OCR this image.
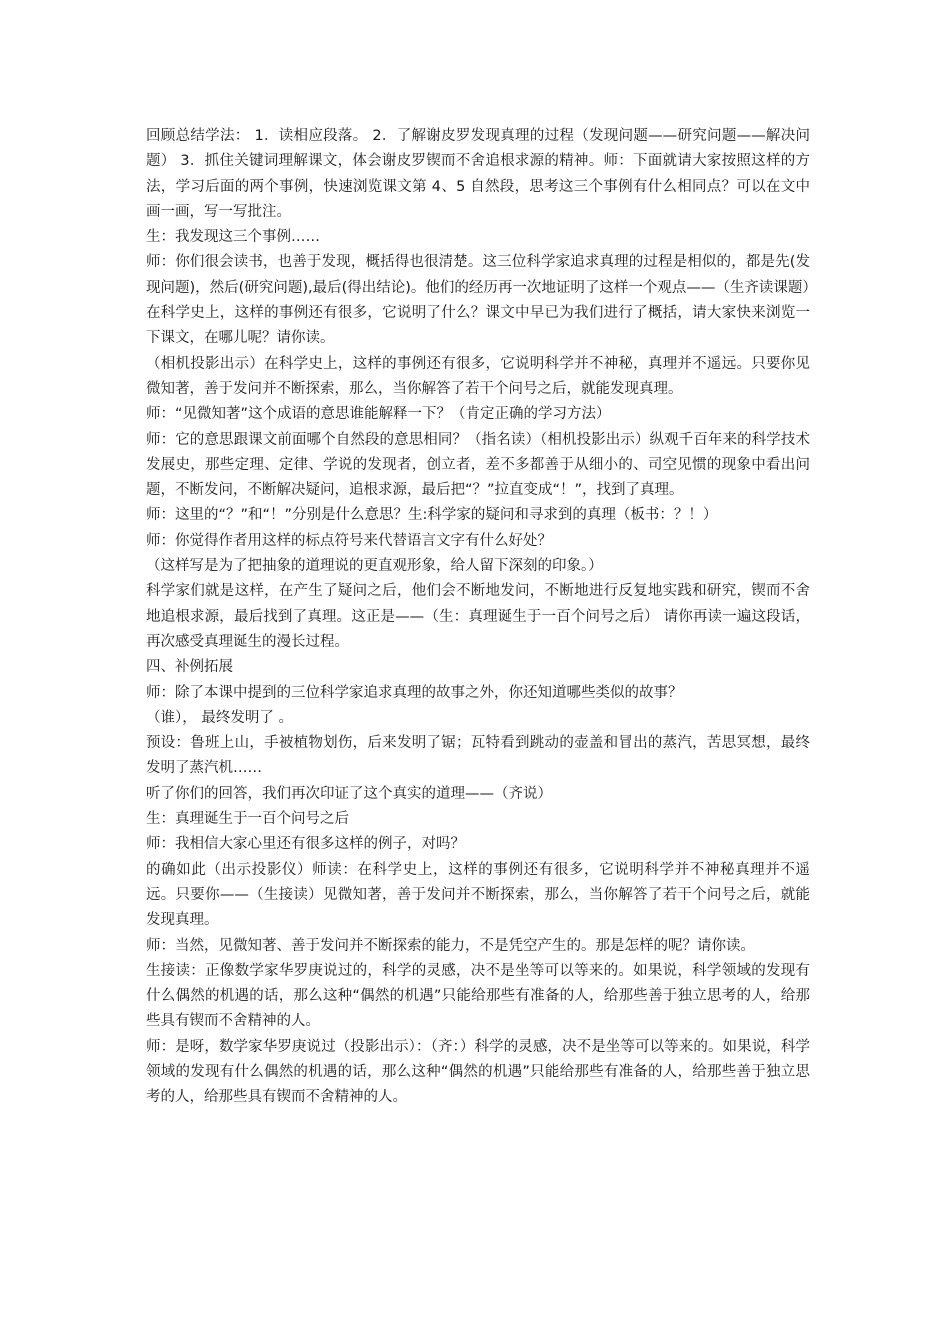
回顾总结学法： 1．读相应段落。 2．了解谢皮罗发现真理的过程（发现问题——研究问题——解决问题） 3．抓住关键词理解课文，体会谢皮罗锲而不舍追根求源的精神。师：下面就请大家按照这样的方法，学习后面的两个事例，快速浏览课文第 4、5 自然段，思考这三个事例有什么相同点？可以在文中画一画，写一写批注。

生：我发现这三个事例……

师：你们很会读书，也善于发现，概括得也很清楚。这三位科学家追求真理的过程是相似的，都是先(发现问题)，然后(研究问题),最后(得出结论)。他们的经历再一次地证明了这样一个观点——（生齐读课题）

在科学史上，这样的事例还有很多，它说明了什么？课文中早已为我们进行了概括，请大家快来浏览一下课文，在哪儿呢？请你读。

（相机投影出示）在科学史上，这样的事例还有很多，它说明科学并不神秘，真理并不遥远。只要你见微知著，善于发问并不断探索，那么，当你解答了若干个问号之后，就能发现真理。

师：“见微知著”这个成语的意思谁能解释一下？（肯定正确的学习方法）

师：它的意思跟课文前面哪个自然段的意思相同？（指名读）（相机投影出示）纵观千百年来的科学技术发展史，那些定理、定律、学说的发现者，创立者，差不多都善于从细小的、司空见惯的现象中看出问题，不断发问，不断解决疑问，追根求源，最后把“？”拉直变成“！”，找到了真理。

师：这里的“？”和“！”分别是什么意思？生:科学家的疑问和寻求到的真理（板书：？！）

师：你觉得作者用这样的标点符号来代替语言文字有什么好处？

（这样写是为了把抽象的道理说的更直观形象，给人留下深刻的印象。）

科学家们就是这样，在产生了疑问之后，他们会不断地发问，不断地进行反复地实践和研究，锲而不舍地追根求源，最后找到了真理。这正是——（生：真理诞生于一百个问号之后） 请你再读一遍这段话，再次感受真理诞生的漫长过程。

四、补例拓展

师：除了本课中提到的三位科学家追求真理的故事之外，你还知道哪些类似的故事？

（谁）， 最终发明了 。

预设：鲁班上山，手被植物划伤，后来发明了锯；瓦特看到跳动的壶盖和冒出的蒸汽，苦思冥想，最终发明了蒸汽机……

听了你们的回答，我们再次印证了这个真实的道理——（齐说）

生：真理诞生于一百个问号之后

师：我相信大家心里还有很多这样的例子，对吗？

的确如此（出示投影仪）师读：在科学史上，这样的事例还有很多，它说明科学并不神秘真理并不遥远。只要你——（生接读）见微知著，善于发问并不断探索，那么，当你解答了若干个问号之后，就能发现真理。

师：当然，见微知著、善于发问并不断探索的能力，不是凭空产生的。那是怎样的呢？请你读。

生接读：正像数学家华罗庚说过的，科学的灵感，决不是坐等可以等来的。如果说，科学领域的发现有什么偶然的机遇的话，那么这种“偶然的机遇”只能给那些有准备的人，给那些善于独立思考的人，给那些具有锲而不舍精神的人。

师：是呀，数学家华罗庚说过（投影出示）：（齐：）科学的灵感，决不是坐等可以等来的。如果说，科学领域的发现有什么偶然的机遇的话，那么这种“偶然的机遇”只能给那些有准备的人，给那些善于独立思考的人，给那些具有锲而不舍精神的人。
